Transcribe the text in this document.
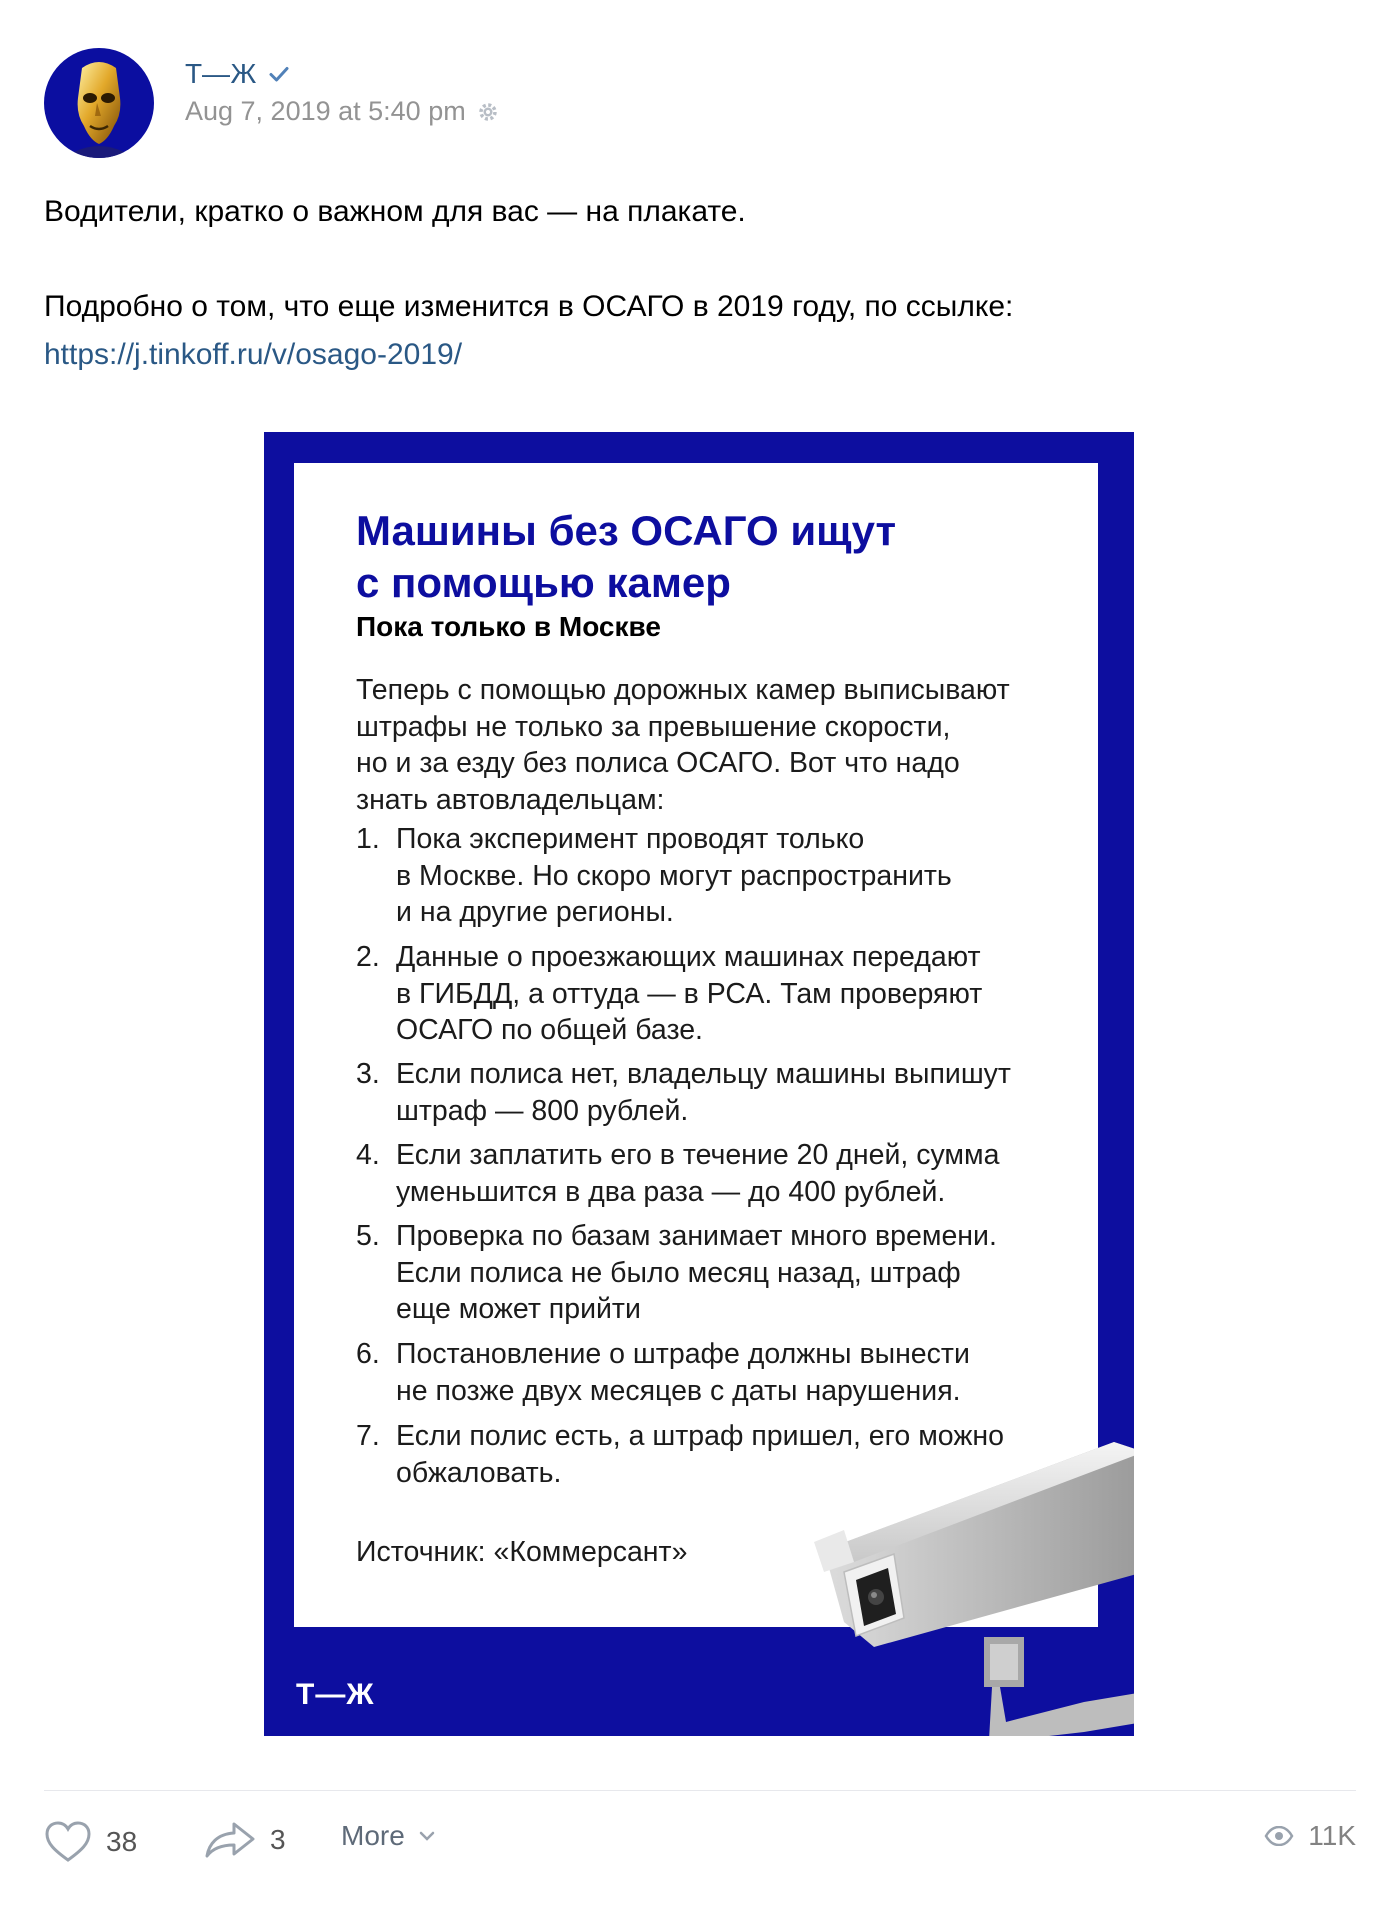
Т—Ж
Aug 7, 2019 at 5:40 pm
Водители, кратко о важном для вас — на плакате.
Подробно о том, что еще изменится в ОСАГО в 2019 году, по ссылке:
https://j.tinkoff.ru/v/osago-2019/
Машины без ОСАГО ищут
с помощью камер
Пока только в Москве
Теперь с помощью дорожных камер выписывают
штрафы не только за превышение скорости,
но и за езду без полиса ОСАГО. Вот что надо
знать автовладельцам:
1. Пока эксперимент проводят только
в Москве. Но скоро могут распространить
и на другие регионы.
2. Данные о проезжающих машинах передают
в ГИБДД, а оттуда — в РСА. Там проверяют
ОСАГО по общей базе.
3. Если полиса нет, владельцу машины выпишут
штраф — 800 рублей.
4. Если заплатить его в течение 20 дней, сумма
уменьшится в два раза — до 400 рублей.
5. Проверка по базам занимает много времени.
Если полиса не было месяц назад, штраф
еще может прийти
6. Постановление о штрафе должны вынести
не позже двух месяцев с даты нарушения.
7. Если полис есть, а штраф пришел, его можно
обжаловать.
Источник: «Коммерсант»
Т—Ж
38	3 More	11K
